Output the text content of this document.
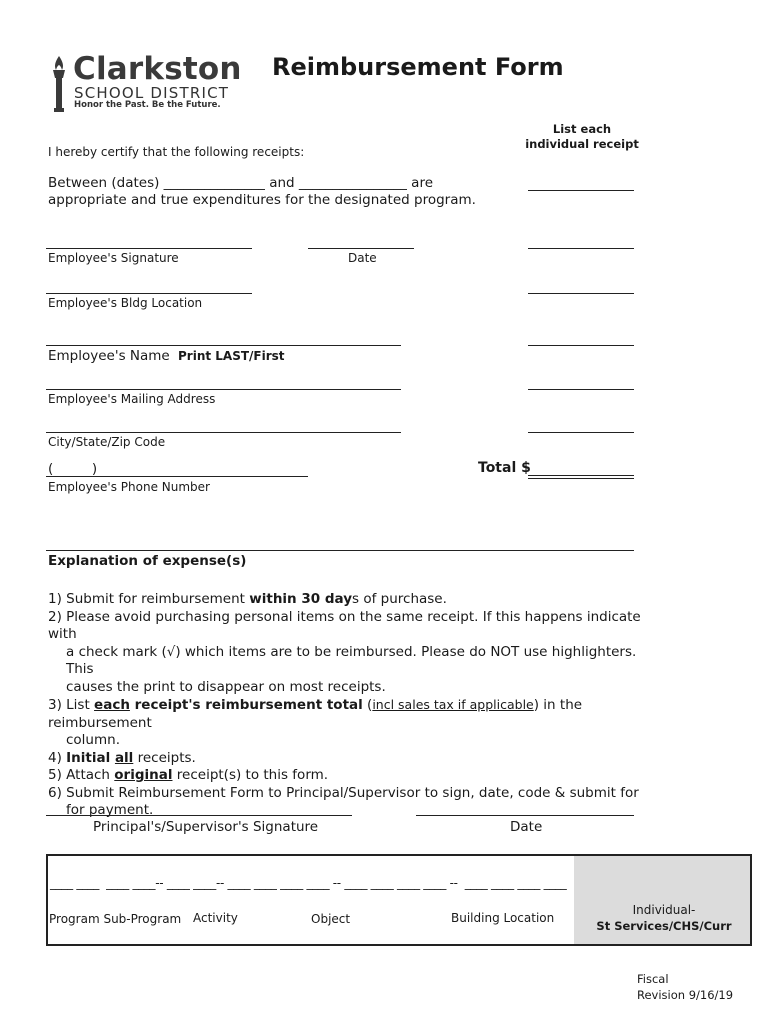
Clarkston
SCHOOL DISTRICT
Honor the Past. Be the Future.
Reimbursement Form
List each individual receipt
I hereby certify that the following receipts:
Between (dates) _______________ and ________________ are
appropriate and true expenditures for the designated program.
Employee's Signature	Date
Employee's Bldg Location
Employee's Name Print LAST/First
Employee's Mailing Address
City/State/Zip Code
(         )
Employee's Phone Number
Total $
Explanation of expense(s)
1) Submit for reimbursement within 30 days of purchase.
2) Please avoid purchasing personal items on the same receipt. If this happens indicate with
a check mark (√) which items are to be reimbursed. Please do NOT use highlighters. This
causes the print to disappear on most receipts.
3) List each receipt's reimbursement total (incl sales tax if applicable) in the reimbursement
column.
4) Initial all receipts.
5) Attach original receipt(s) to this form.
6) Submit Reimbursement Form to Principal/Supervisor to sign, date, code & submit for
for payment.
Principal's/Supervisor's Signature	Date
____ ____  ____ ____-- ____ ____-- ____ ____ ____ ____ -- ____ ____ ____ ____ --  ____ ____ ____ ____
Program Sub-Program Activity	Object	Building Location
Individual-
St Services/CHS/Curr
Fiscal
Revision 9/16/19
